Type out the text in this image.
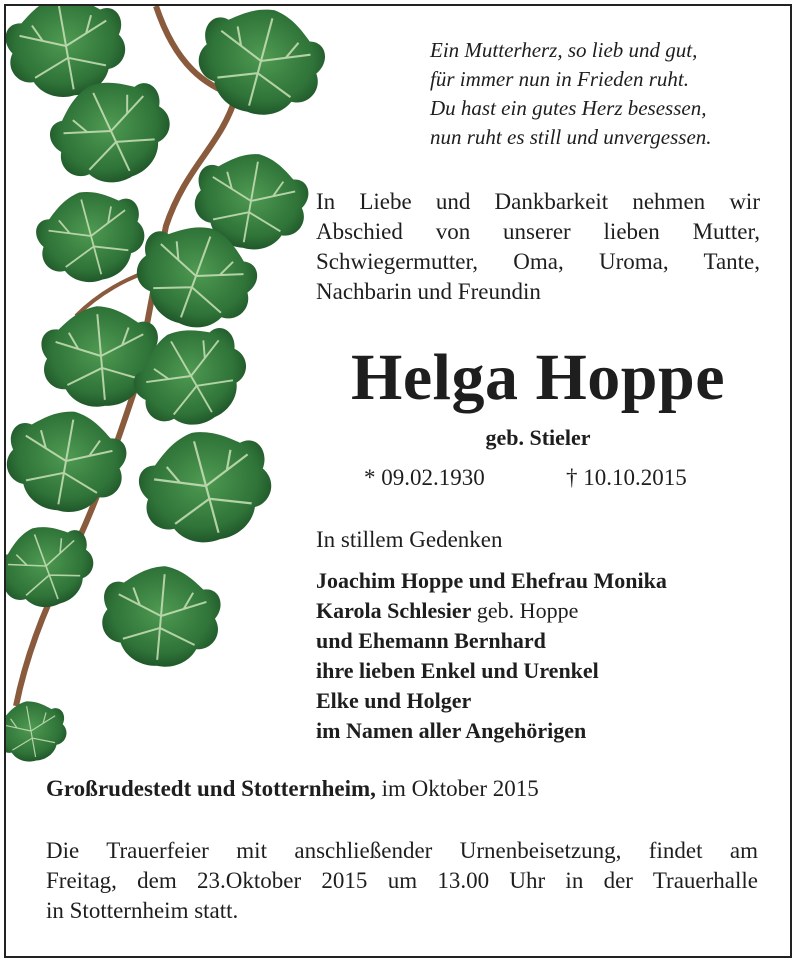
Ein Mutterherz, so lieb und gut,
für immer nun in Frieden ruht.
Du hast ein gutes Herz besessen,
nun ruht es still und unvergessen.
In Liebe und Dankbarkeit nehmen wir
Abschied von unserer lieben Mutter,
Schwiegermutter, Oma, Uroma, Tante,
Nachbarin und Freundin
Helga Hoppe
geb. Stieler
* 09.02.1930	† 10.10.2015
In stillem Gedenken
Joachim Hoppe und Ehefrau Monika
Karola Schlesier geb. Hoppe
und Ehemann Bernhard
ihre lieben Enkel und Urenkel
Elke und Holger
im Namen aller Angehörigen
Großrudestedt und Stotternheim, im Oktober 2015
Die Trauerfeier mit anschließender Urnenbeisetzung, findet am
Freitag, dem 23.Oktober 2015 um 13.00 Uhr in der Trauerhalle
in Stotternheim statt.
